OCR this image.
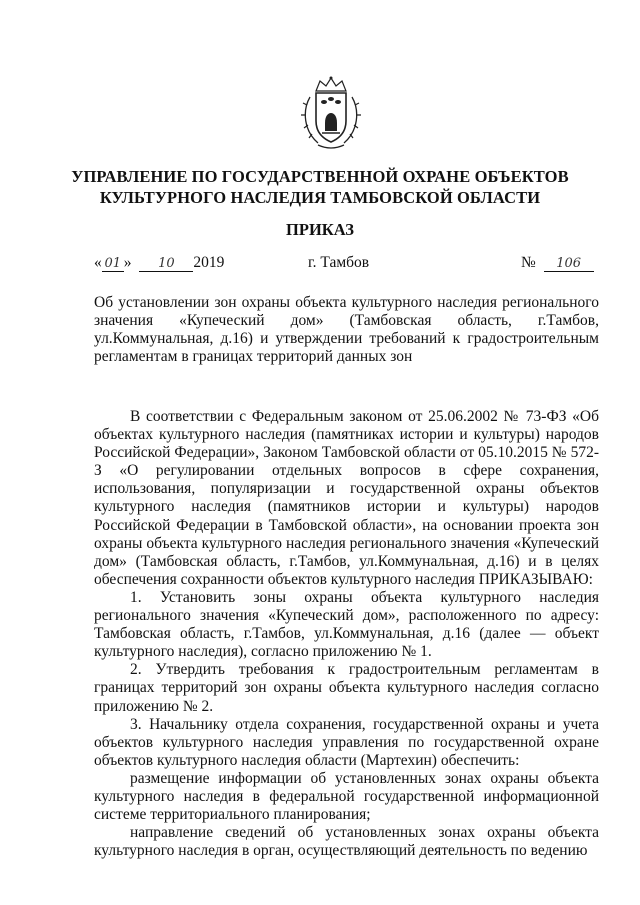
УПРАВЛЕНИЕ ПО ГОСУДАРСТВЕННОЙ ОХРАНЕ ОБЪЕКТОВ
КУЛЬТУРНОГО НАСЛЕДИЯ ТАМБОВСКОЙ ОБЛАСТИ
ПРИКАЗ
« 01 » 10 2019	г. Тамбов	№ 106
Об установлении зон охраны объекта культурного наследия регионального значения «Купеческий дом» (Тамбовская область, г.Тамбов, ул.Коммунальная, д.16) и утверждении требований к градостроительным регламентам в границах территорий данных зон

В соответствии с Федеральным законом от 25.06.2002 № 73-ФЗ «Об объектах культурного наследия (памятниках истории и культуры) народов Российской Федерации», Законом Тамбовской области от 05.10.2015 № 572-З «О регулировании отдельных вопросов в сфере сохранения, использования, популяризации и государственной охраны объектов культурного наследия (памятников истории и культуры) народов Российской Федерации в Тамбовской области», на основании проекта зон охраны объекта культурного наследия регионального значения «Купеческий дом» (Тамбовская область, г.Тамбов, ул.Коммунальная, д.16) и в целях обеспечения сохранности объектов культурного наследия ПРИКАЗЫВАЮ:

1. Установить зоны охраны объекта культурного наследия регионального значения «Купеческий дом», расположенного по адресу: Тамбовская область, г.Тамбов, ул.Коммунальная, д.16 (далее — объект культурного наследия), согласно приложению № 1.

2. Утвердить требования к градостроительным регламентам в границах территорий зон охраны объекта культурного наследия согласно приложению № 2.

3. Начальнику отдела сохранения, государственной охраны и учета объектов культурного наследия управления по государственной охране объектов культурного наследия области (Мартехин) обеспечить:

размещение информации об установленных зонах охраны объекта культурного наследия в федеральной государственной информационной системе территориального планирования;

направление сведений об установленных зонах охраны объекта культурного наследия в орган, осуществляющий деятельность по ведению
